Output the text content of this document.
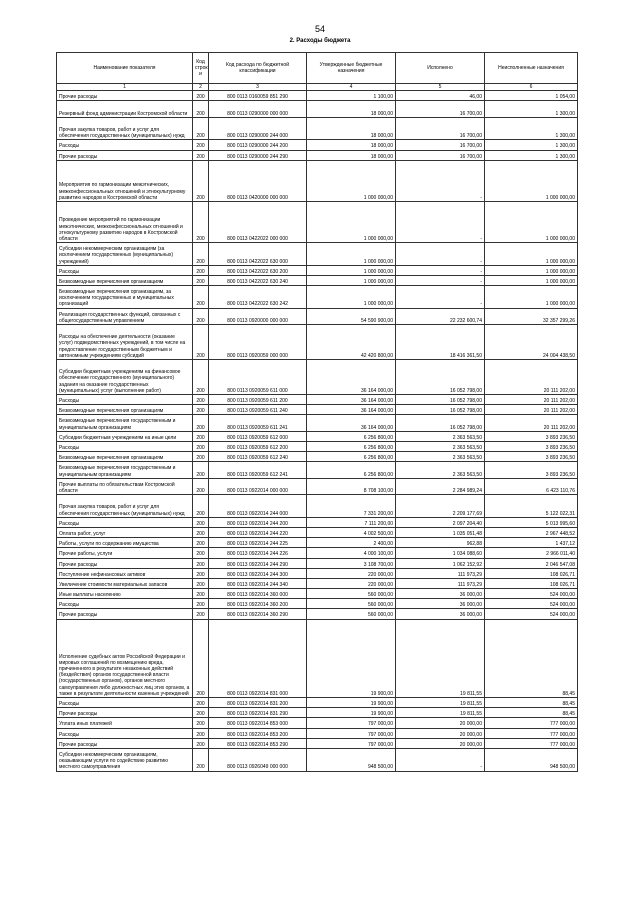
54
2. Расходы бюджета
Наименование показателя	Код строк и	Код расхода по бюджетной классификации	Утвержденные бюджетные назначения	Исполнено	Неисполненные назначения
1	2	3	4	5	6
Прочие расходы	200	800 0113 0160059 851 290	1 100,00	46,00	1 054,00
Резервный фонд администрации Костромской области	200	800 0113 0290000 000 000	18 000,00	16 700,00	1 300,00
Прочая закупка товаров, работ и услуг для обеспечения государственных (муниципальных) нужд	200	800 0113 0290000 244 000	18 000,00	16 700,00	1 300,00
Расходы	200	800 0113 0290000 244 200	18 000,00	16 700,00	1 300,00
Прочие расходы	200	800 0113 0290000 244 290	18 000,00	16 700,00	1 300,00
Мероприятия по гармонизации межэтнических, межконфессиональных отношений и этнокультурному развитию народов в Костромской области	200	800 0113 0420000 000 000	1 000 000,00	-	1 000 000,00
Проведение мероприятий по гармонизации межэтнических, межконфессиональных отношений и этнокультурному развитию народов в Костромской области	200	800 0113 0422022 000 000	1 000 000,00	-	1 000 000,00
Субсидии некоммерческим организациям (за исключением государственных (муниципальных) учреждений)	200	800 0113 0422022 630 000	1 000 000,00	-	1 000 000,00
Расходы	200	800 0113 0422022 630 200	1 000 000,00	-	1 000 000,00
Безвозмездные перечисления организациям	200	800 0113 0422022 630 240	1 000 000,00	-	1 000 000,00
Безвозмездные перечисления организациям, за исключением государственных и муниципальных организаций	200	800 0113 0422022 630 242	1 000 000,00	-	1 000 000,00
Реализация государственных функций, связанных с общегосударственным управлением	200	800 0113 0920000 000 000	54 590 900,00	22 232 600,74	32 357 299,26
Расходы на обеспечение деятельности (оказание услуг) подведомственных учреждений, в том числе на предоставление государственным бюджетным и автономным учреждениям субсидий	200	800 0113 0920059 000 000	42 420 800,00	18 416 361,50	24 004 438,50
Субсидии бюджетным учреждениям на финансовое обеспечение государственного (муниципального) задания на оказание государственных (муниципальных) услуг (выполнение работ)	200	800 0113 0920059 611 000	36 164 000,00	16 052 798,00	20 111 202,00
Расходы	200	800 0113 0920059 611 200	36 164 000,00	16 052 798,00	20 111 202,00
Безвозмездные перечисления организациям	200	800 0113 0920059 611 240	36 164 000,00	16 052 798,00	20 111 202,00
Безвозмездные перечисления государственным и муниципальным организациям	200	800 0113 0920059 611 241	36 164 000,00	16 052 798,00	20 111 202,00
Субсидии бюджетным учреждениям на иные цели	200	800 0113 0920059 612 000	6 256 800,00	2 363 563,50	3 893 236,50
Расходы	200	800 0113 0920059 612 200	6 256 800,00	2 363 563,50	3 893 236,50
Безвозмездные перечисления организациям	200	800 0113 0920059 612 240	6 256 800,00	2 363 563,50	3 893 236,50
Безвозмездные перечисления государственным и муниципальным организациям	200	800 0113 0920059 612 241	6 256 800,00	2 363 563,50	3 893 236,50
Прочие выплаты по обязательствам Костромской области	200	800 0113 0922014 000 000	8 708 100,00	2 284 989,24	6 423 110,76
Прочая закупка товаров, работ и услуг для обеспечения государственных (муниципальных) нужд	200	800 0113 0922014 244 000	7 331 200,00	2 209 177,69	5 122 022,31
Расходы	200	800 0113 0922014 244 200	7 111 200,00	2 097 204,40	5 013 995,60
Оплата работ, услуг	200	800 0113 0922014 244 220	4 002 500,00	1 035 051,48	2 967 448,52
Работы, услуги по содержанию имущества	200	800 0113 0922014 244 225	2 400,00	962,88	1 437,12
Прочие работы, услуги	200	800 0113 0922014 244 226	4 000 100,00	1 034 088,60	2 966 011,40
Прочие расходы	200	800 0113 0922014 244 290	3 108 700,00	1 062 152,92	2 046 547,08
Поступление нефинансовых активов	200	800 0113 0922014 244 300	220 000,00	111 973,29	108 026,71
Увеличение стоимости материальных запасов	200	800 0113 0922014 244 340	220 000,00	111 973,29	108 026,71
Иные выплаты населению	200	800 0113 0922014 360 000	560 000,00	36 000,00	524 000,00
Расходы	200	800 0113 0922014 360 200	560 000,00	36 000,00	524 000,00
Прочие расходы	200	800 0113 0922014 360 290	560 000,00	36 000,00	524 000,00
Исполнение судебных актов Российской Федерации и мировых соглашений по возмещению вреда, причиненного в результате незаконных действий (бездействия) органов государственной власти (государственных органов), органов местного самоуправления либо должностных лиц этих органов, а также в результате деятельности казенных учреждений	200	800 0113 0922014 831 000	19 900,00	19 811,55	88,45
Расходы	200	800 0113 0922014 831 200	19 900,00	19 811,55	88,45
Прочие расходы	200	800 0113 0922014 831 290	19 900,00	19 811,55	88,45
Уплата иных платежей	200	800 0113 0922014 853 000	797 000,00	20 000,00	777 000,00
Расходы	200	800 0113 0922014 853 200	797 000,00	20 000,00	777 000,00
Прочие расходы	200	800 0113 0922014 853 290	797 000,00	20 000,00	777 000,00
Субсидии некоммерческим организациям, оказывающим услуги по содействию развитию местного самоуправления	200	800 0113 0926049 000 000	948 500,00	-	948 500,00
